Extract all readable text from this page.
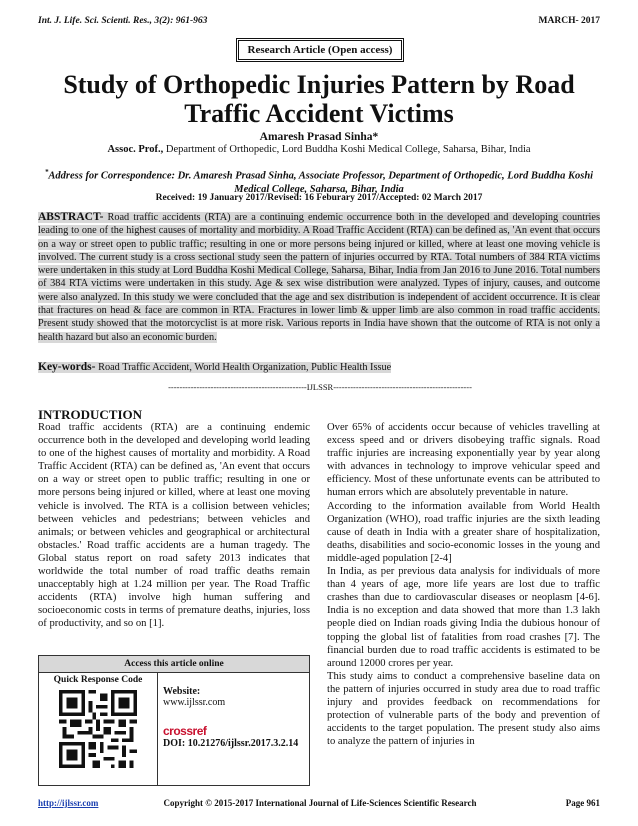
Int. J. Life. Sci. Scienti. Res., 3(2): 961-963	MARCH- 2017
Research Article (Open access)
Study of Orthopedic Injuries Pattern by Road Traffic Accident Victims
Amaresh Prasad Sinha*
Assoc. Prof., Department of Orthopedic, Lord Buddha Koshi Medical College, Saharsa, Bihar, India
*Address for Correspondence: Dr. Amaresh Prasad Sinha, Associate Professor, Department of Orthopedic, Lord Buddha Koshi Medical College, Saharsa, Bihar, India
Received: 19 January 2017/Revised: 16 Feburary 2017/Accepted: 02 March 2017
ABSTRACT- Road traffic accidents (RTA) are a continuing endemic occurrence both in the developed and developing countries leading to one of the highest causes of mortality and morbidity. A Road Traffic Accident (RTA) can be defined as, 'An event that occurs on a way or street open to public traffic; resulting in one or more persons being injured or killed, where at least one moving vehicle is involved. The current study is a cross sectional study seen the pattern of injuries occurred by RTA. Total numbers of 384 RTA victims were undertaken in this study at Lord Buddha Koshi Medical College, Saharsa, Bihar, India from Jan 2016 to June 2016. Total numbers of 384 RTA victims were undertaken in this study. Age & sex wise distribution were analyzed. Types of injury, causes, and outcome were also analyzed. In this study we were concluded that the age and sex distribution is independent of accident occurrence. It is clear that fractures on head & face are common in RTA. Fractures in lower limb & upper limb are also common in road traffic accidents. Present study showed that the motorcyclist is at more risk. Various reports in India have shown that the outcome of RTA is not only a health hazard but also an economic burden.
Key-words- Road Traffic Accident, World Health Organization, Public Health Issue
-------------------------------------------------IJLSSR-------------------------------------------------
INTRODUCTION

Road traffic accidents (RTA) are a continuing endemic occurrence both in the developed and developing world leading to one of the highest causes of mortality and morbidity. A Road Traffic Accident (RTA) can be defined as, 'An event that occurs on a way or street open to public traffic; resulting in one or more persons being injured or killed, where at least one moving vehicle is involved. The RTA is a collision between vehicles; between vehicles and pedestrians; between vehicles and animals; or between vehicles and geographical or architectural obstacles.' Road traffic accidents are a human tragedy. The Global status report on road safety 2013 indicates that worldwide the total number of road traffic deaths remain unacceptably high at 1.24 million per year. The Road Traffic accidents (RTA) involve high human suffering and socioeconomic costs in terms of premature deaths, injuries, loss of productivity, and so on [1].

Over 65% of accidents occur because of vehicles travelling at excess speed and or drivers disobeying traffic signals. Road traffic injuries are increasing exponentially year by year along with advances in technology to improve vehicular speed and efficiency. Most of these unfortunate events can be attributed to human errors which are absolutely preventable in nature.

According to the information available from World Health Organization (WHO), road traffic injuries are the sixth leading cause of death in India with a greater share of hospitalization, deaths, disabilities and socio-economic losses in the young and middle-aged population [2-4]

In India, as per previous data analysis for individuals of more than 4 years of age, more life years are lost due to traffic crashes than due to cardiovascular diseases or neoplasm [4-6]. India is no exception and data showed that more than 1.3 lakh people died on Indian roads giving India the dubious honour of topping the global list of fatalities from road crashes [7]. The financial burden due to road traffic accidents is estimated to be around 12000 crores per year.

This study aims to conduct a comprehensive baseline data on the pattern of injuries occurred in study area due to road traffic injury and provides feedback on recommendations for protection of vulnerable parts of the body and prevention of accidents to the target population. The present study also aims to analyze the pattern of injuries in

Access this article online
Quick Response Code
Website:
www.ijlssr.com
crossref
DOI: 10.21276/ijlssr.2017.3.2.14
http://ijlssr.com	Copyright © 2015-2017 International Journal of Life-Sciences Scientific Research	Page 961
